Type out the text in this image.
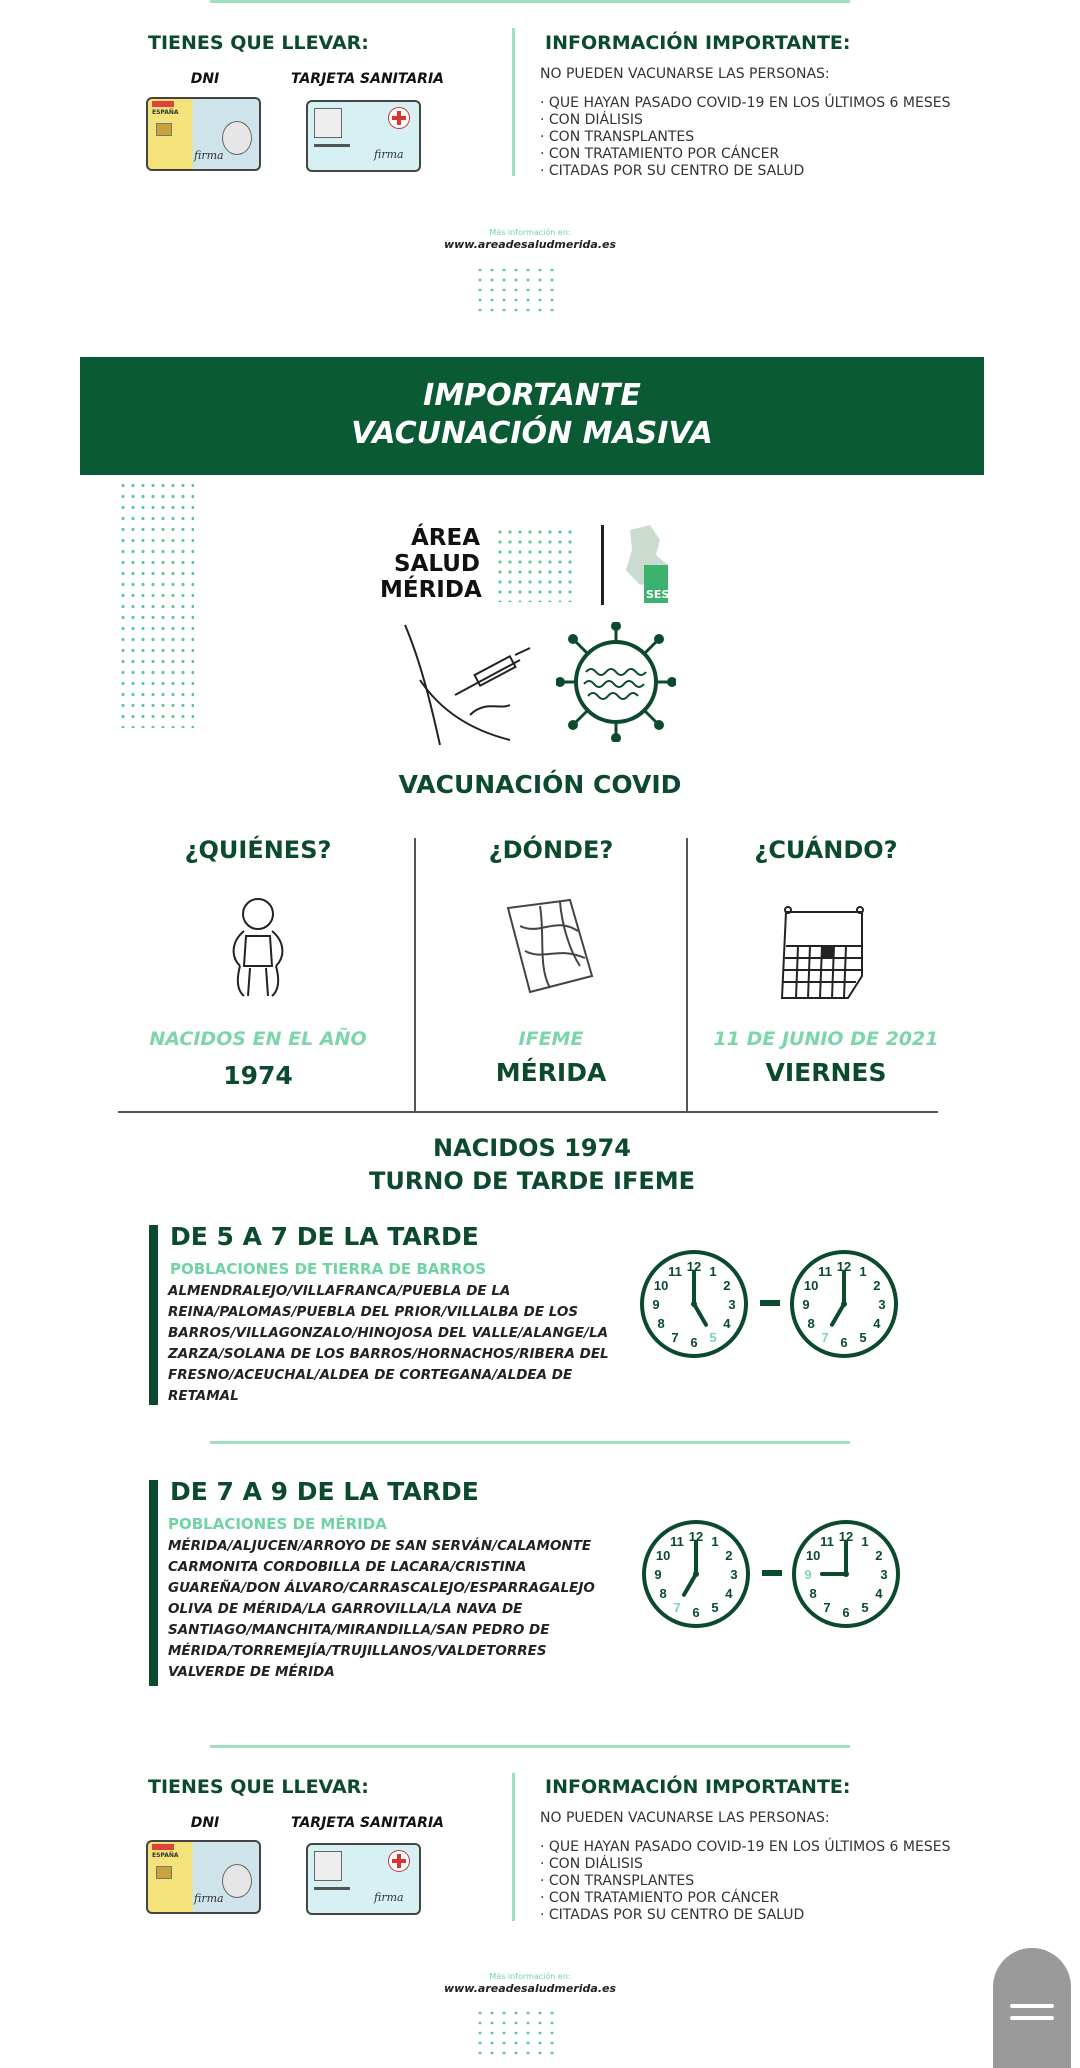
TIENES QUE LLEVAR:
DNI	TARJETA SANITARIA
ESPAÑA
firma	firma
INFORMACIÓN IMPORTANTE:
NO PUEDEN VACUNARSE LAS PERSONAS:
· QUE HAYAN PASADO COVID-19 EN LOS ÚLTIMOS 6 MESES
· CON DIÁLISIS
· CON TRANSPLANTES
· CON TRATAMIENTO POR CÁNCER
· CITADAS POR SU CENTRO DE SALUD
Más información en:
www.areadesaludmerida.es
IMPORTANTE
VACUNACIÓN MASIVA
ÁREA
SALUD
MÉRIDA	SES
VACUNACIÓN COVID
¿QUIÉNES?
NACIDOS EN EL AÑO
1974
¿DÓNDE?
IFEME
MÉRIDA
¿CUÁNDO?
11 DE JUNIO DE 2021
VIERNES
NACIDOS 1974
TURNO DE TARDE IFEME
DE 5 A 7 DE LA TARDE
POBLACIONES DE TIERRA DE BARROS
ALMENDRALEJO/VILLAFRANCA/PUEBLA DE LA REINA/PALOMAS/PUEBLA DEL PRIOR/VILLALBA DE LOS BARROS/VILLAGONZALO/HINOJOSA DEL VALLE/ALANGE/LA ZARZA/SOLANA DE LOS BARROS/HORNACHOS/RIBERA DEL FRESNO/ACEUCHAL/ALDEA DE CORTEGANA/ALDEA DE RETAMAL
1
2
3
4
5
6
7
8
9
10
11 12	1
2
3
4
5
6
7
8
9
10
11 12
DE 7 A 9 DE LA TARDE
POBLACIONES DE MÉRIDA
MÉRIDA/ALJUCEN/ARROYO DE SAN SERVÁN/CALAMONTE CARMONITA CORDOBILLA DE LACARA/CRISTINA GUAREÑA/DON ÁLVARO/CARRASCALEJO/ESPARRAGALEJO OLIVA DE MÉRIDA/LA GARROVILLA/LA NAVA DE SANTIAGO/MANCHITA/MIRANDILLA/SAN PEDRO DE MÉRIDA/TORREMEJÍA/TRUJILLANOS/VALDETORRES VALVERDE DE MÉRIDA
1
2
3
4
5
6
7
8
9
10
11 12	1
2
3
4
5
6
7
8
9
10
11 12
TIENES QUE LLEVAR:
DNI	TARJETA SANITARIA
ESPAÑA
firma	firma
INFORMACIÓN IMPORTANTE:
NO PUEDEN VACUNARSE LAS PERSONAS:
· QUE HAYAN PASADO COVID-19 EN LOS ÚLTIMOS 6 MESES
· CON DIÁLISIS
· CON TRANSPLANTES
· CON TRATAMIENTO POR CÁNCER
· CITADAS POR SU CENTRO DE SALUD
Más información en:
www.areadesaludmerida.es
